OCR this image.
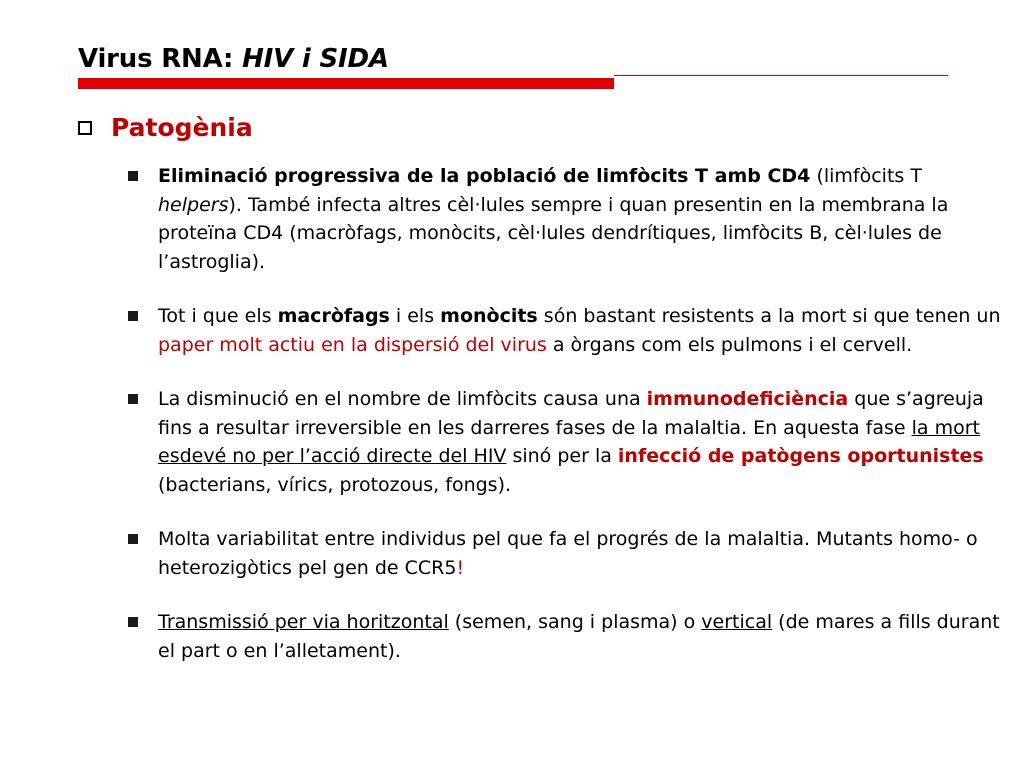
Virus RNA: HIV i SIDA
Patogènia
Eliminació progressiva de la població de limfòcits T amb CD4 (limfòcits T helpers). També infecta altres cèl·lules sempre i quan presentin en la membrana la proteïna CD4 (macròfags, monòcits, cèl·lules dendrítiques, limfòcits B, cèl·lules de l’astroglia).
Tot i que els macròfags i els monòcits són bastant resistents a la mort si que tenen un paper molt actiu en la dispersió del virus a òrgans com els pulmons i el cervell.
La disminució en el nombre de limfòcits causa una immunodeficiència que s’agreuja fins a resultar irreversible en les darreres fases de la malaltia. En aquesta fase la mort esdevé no per l’acció directe del HIV sinó per la infecció de patògens oportunistes (bacterians, vírics, protozous, fongs).
Molta variabilitat entre individus pel que fa el progrés de la malaltia. Mutants homo- o heterozigòtics pel gen de CCR5!
Transmissió per via horitzontal (semen, sang i plasma) o vertical (de mares a fills durant el part o en l’alletament).
